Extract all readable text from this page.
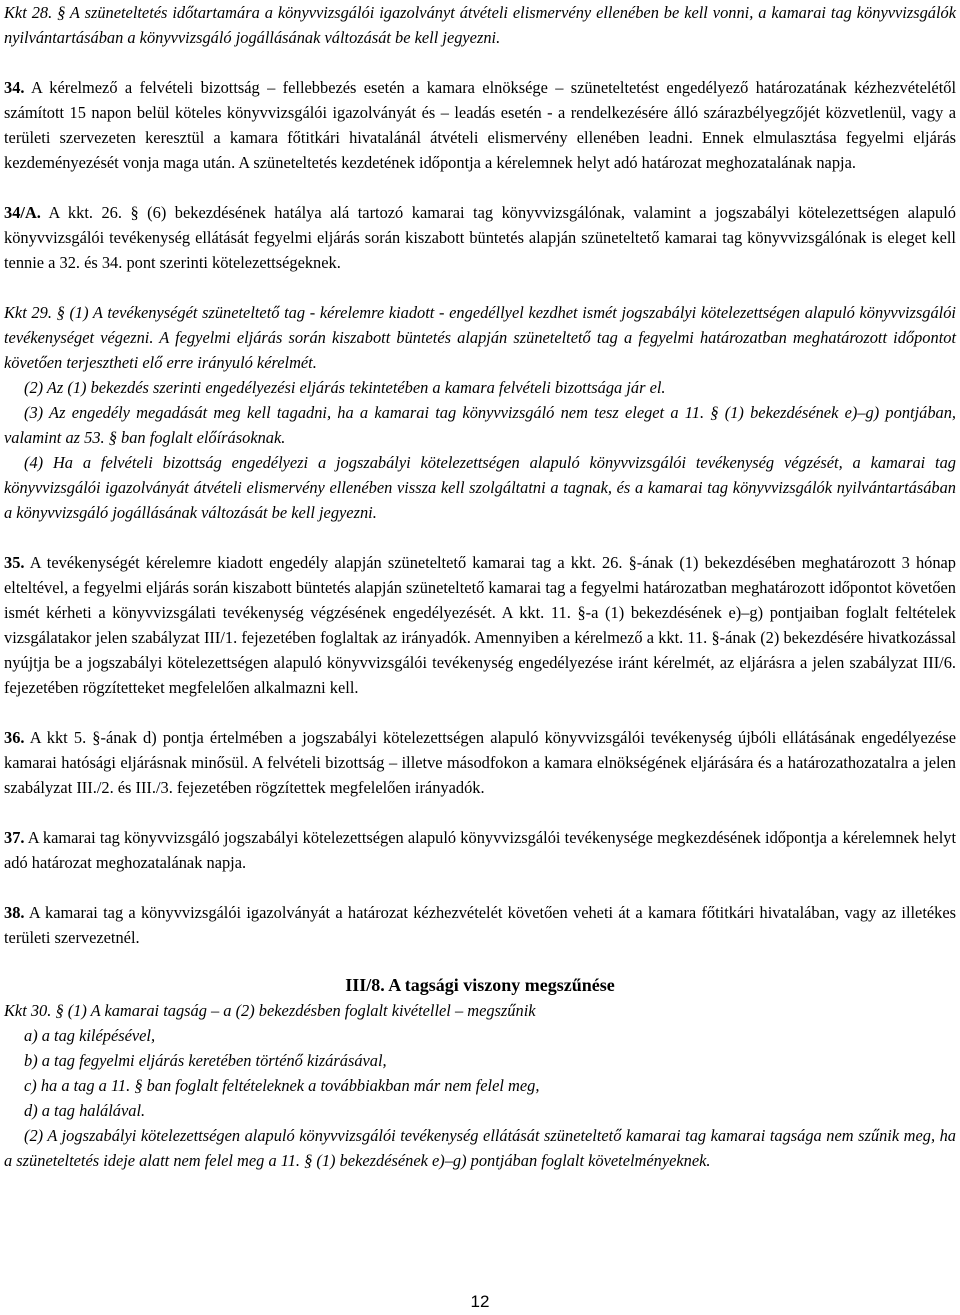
Kkt 28. § A szüneteltetés időtartamára a könyvvizsgálói igazolványt átvételi elismervény ellenében be kell vonni, a kamarai tag könyvvizsgálók nyilvántartásában a könyvvizsgáló jogállásának változását be kell jegyezni.

34. A kérelmező a felvételi bizottság – fellebbezés esetén a kamara elnöksége – szüneteltetést engedélyező határozatának kézhezvételétől számított 15 napon belül köteles könyvvizsgálói igazolványát és – leadás esetén - a rendelkezésére álló szárazbélyegzőjét közvetlenül, vagy a területi szervezeten keresztül a kamara főtitkári hivatalánál átvételi elismervény ellenében leadni. Ennek elmulasztása fegyelmi eljárás kezdeményezését vonja maga után. A szüneteltetés kezdetének időpontja a kérelemnek helyt adó határozat meghozatalának napja.

34/A. A kkt. 26. § (6) bekezdésének hatálya alá tartozó kamarai tag könyvvizsgálónak, valamint a jogszabályi kötelezettségen alapuló könyvvizsgálói tevékenység ellátását fegyelmi eljárás során kiszabott büntetés alapján szüneteltető kamarai tag könyvvizsgálónak is eleget kell tennie a 32. és 34. pont szerinti kötelezettségeknek.

Kkt 29. § (1) A tevékenységét szüneteltető tag - kérelemre kiadott - engedéllyel kezdhet ismét jogszabályi kötelezettségen alapuló könyvvizsgálói tevékenységet végezni. A fegyelmi eljárás során kiszabott büntetés alapján szüneteltető tag a fegyelmi határozatban meghatározott időpontot követően terjesztheti elő erre irányuló kérelmét.

(2) Az (1) bekezdés szerinti engedélyezési eljárás tekintetében a kamara felvételi bizottsága jár el.

(3) Az engedély megadását meg kell tagadni, ha a kamarai tag könyvvizsgáló nem tesz eleget a 11. § (1) bekezdésének e)–g) pontjában, valamint az 53. § ban foglalt előírásoknak.

(4) Ha a felvételi bizottság engedélyezi a jogszabályi kötelezettségen alapuló könyvvizsgálói tevékenység végzését, a kamarai tag könyvvizsgálói igazolványát átvételi elismervény ellenében vissza kell szolgáltatni a tagnak, és a kamarai tag könyvvizsgálók nyilvántartásában a könyvvizsgáló jogállásának változását be kell jegyezni.

35. A tevékenységét kérelemre kiadott engedély alapján szüneteltető kamarai tag a kkt. 26. §-ának (1) bekezdésében meghatározott 3 hónap elteltével, a fegyelmi eljárás során kiszabott büntetés alapján szüneteltető kamarai tag a fegyelmi határozatban meghatározott időpontot követően ismét kérheti a könyvvizsgálati tevékenység végzésének engedélyezését. A kkt. 11. §-a (1) bekezdésének e)–g) pontjaiban foglalt feltételek vizsgálatakor jelen szabályzat III/1. fejezetében foglaltak az irányadók. Amennyiben a kérelmező a kkt. 11. §-ának (2) bekezdésére hivatkozással nyújtja be a jogszabályi kötelezettségen alapuló könyvvizsgálói tevékenység engedélyezése iránt kérelmét, az eljárásra a jelen szabályzat III/6. fejezetében rögzítetteket megfelelően alkalmazni kell.

36. A kkt 5. §-ának d) pontja értelmében a jogszabályi kötelezettségen alapuló könyvvizsgálói tevékenység újbóli ellátásának engedélyezése kamarai hatósági eljárásnak minősül. A felvételi bizottság – illetve másodfokon a kamara elnökségének eljárására és a határozathozatalra a jelen szabályzat III./2. és III./3. fejezetében rögzítettek megfelelően irányadók.

37. A kamarai tag könyvvizsgáló jogszabályi kötelezettségen alapuló könyvvizsgálói tevékenysége megkezdésének időpontja a kérelemnek helyt adó határozat meghozatalának napja.

38. A kamarai tag a könyvvizsgálói igazolványát a határozat kézhezvételét követően veheti át a kamara főtitkári hivatalában, vagy az illetékes területi szervezetnél.

III/8. A tagsági viszony megszűnése

Kkt 30. § (1) A kamarai tagság – a (2) bekezdésben foglalt kivétellel – megszűnik

a) a tag kilépésével,
b) a tag fegyelmi eljárás keretében történő kizárásával,
c) ha a tag a 11. § ban foglalt feltételeknek a továbbiakban már nem felel meg,
d) a tag halálával.

(2) A jogszabályi kötelezettségen alapuló könyvvizsgálói tevékenység ellátását szüneteltető kamarai tag kamarai tagsága nem szűnik meg, ha a szüneteltetés ideje alatt nem felel meg a 11. § (1) bekezdésének e)–g) pontjában foglalt követelményeknek.

12
